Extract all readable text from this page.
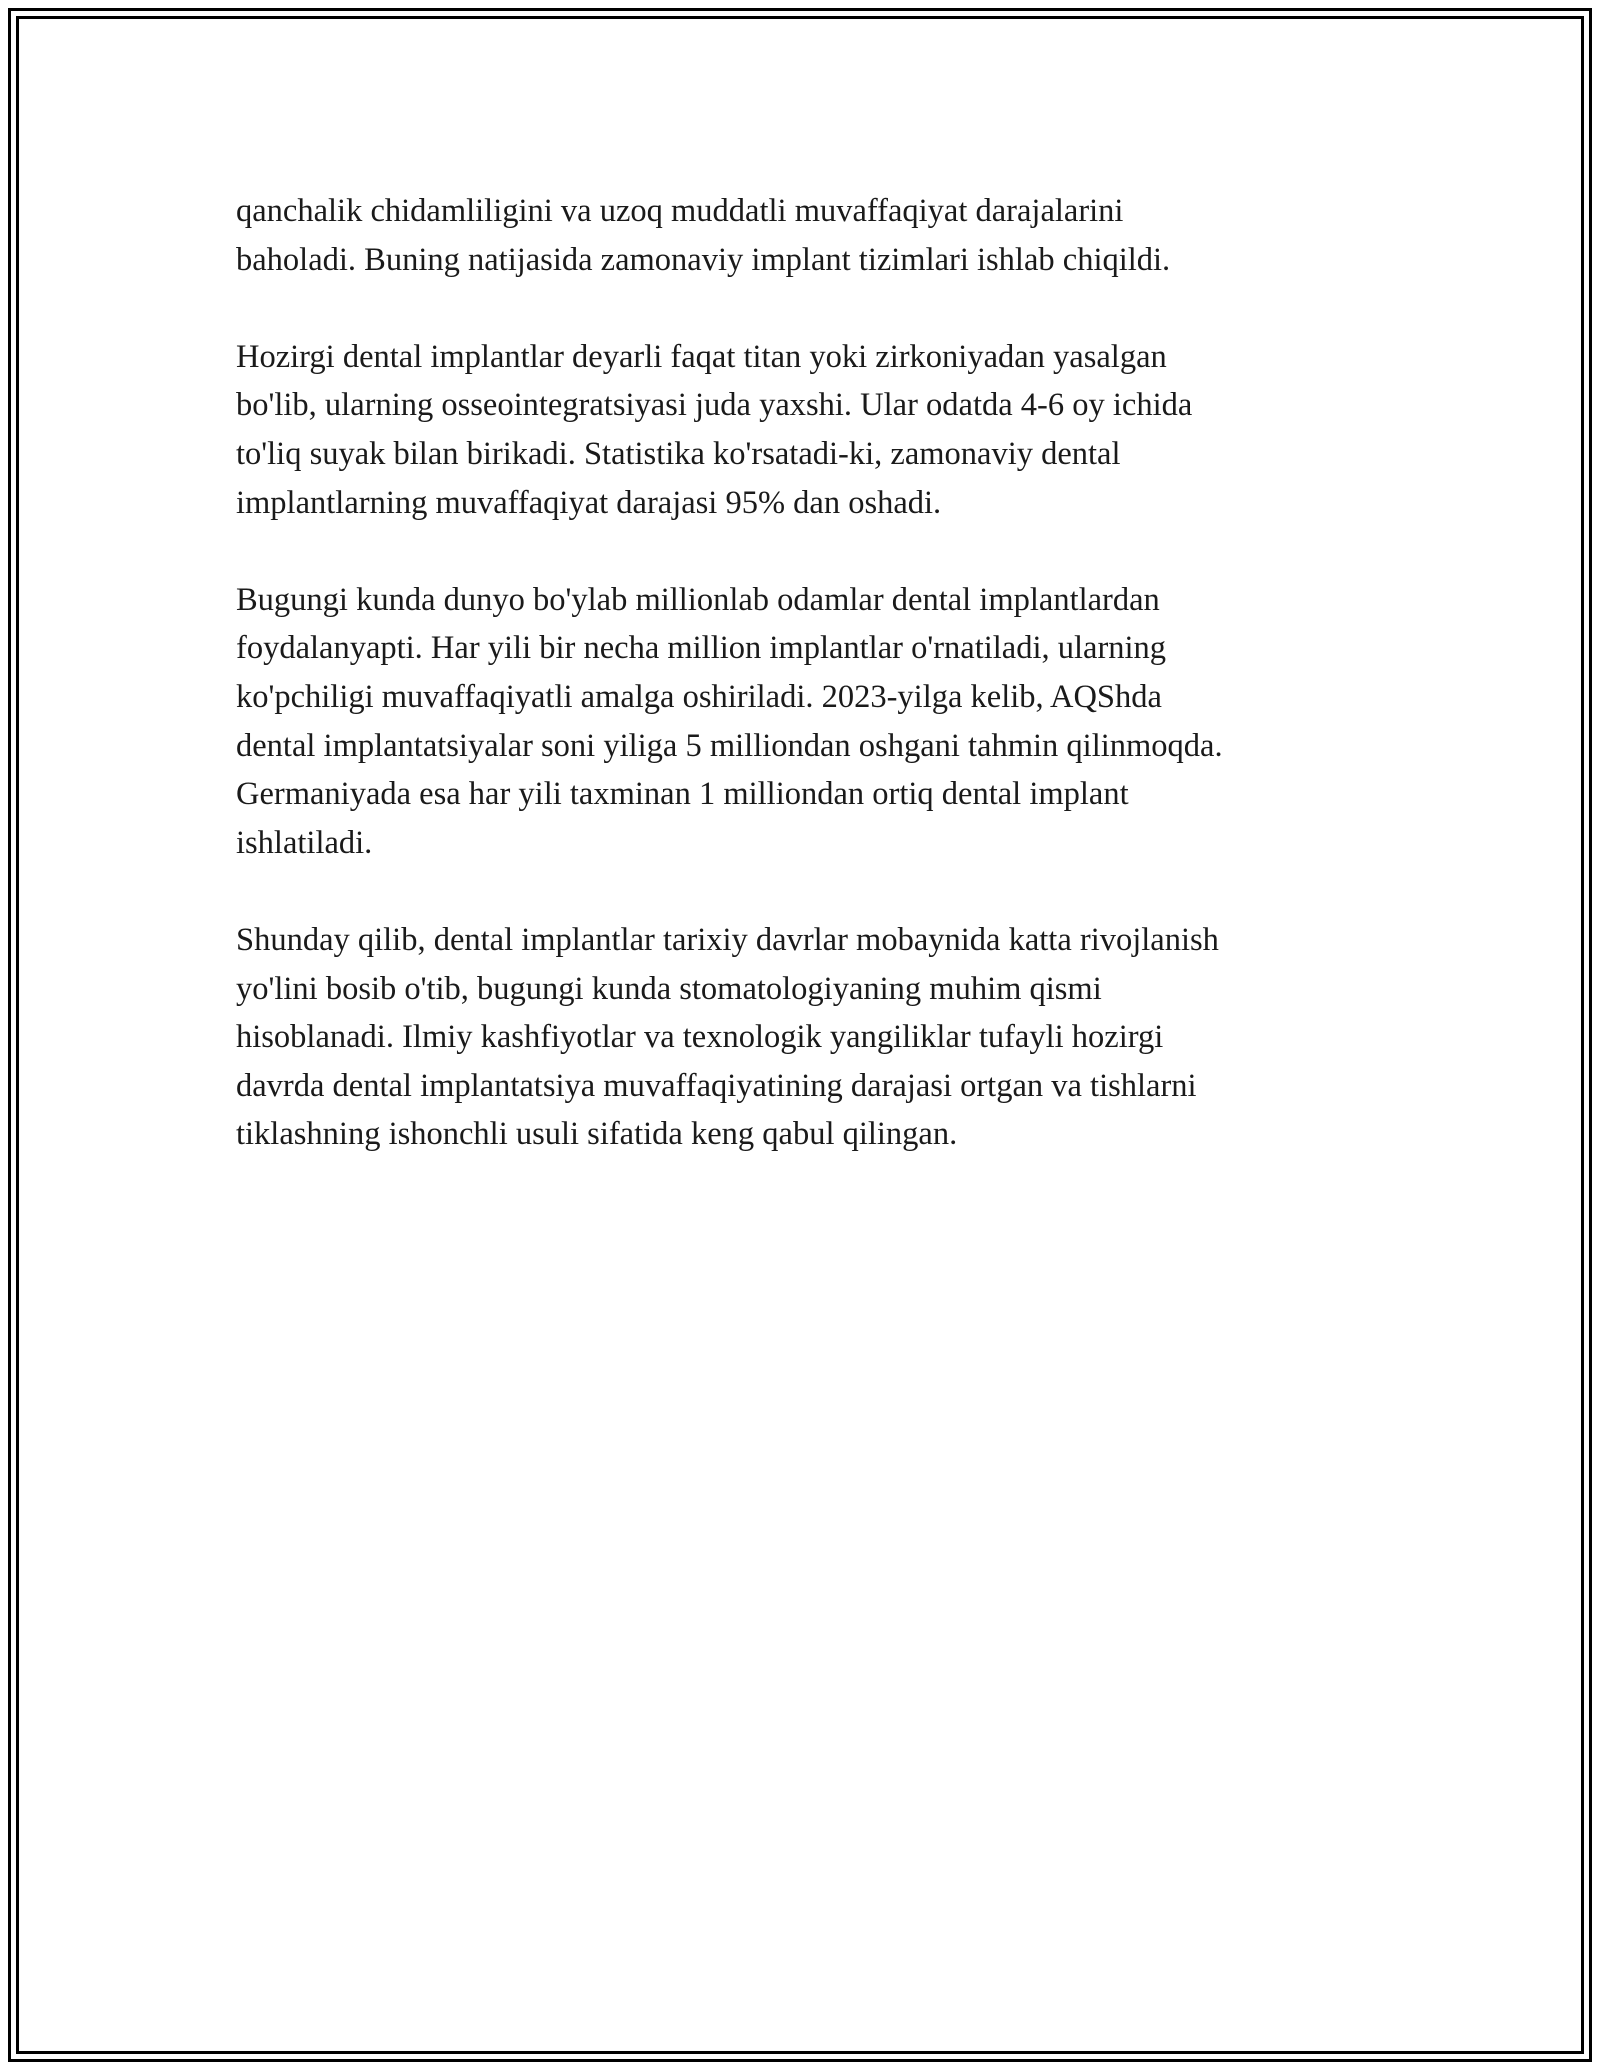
qanchalik chidamliligini va uzoq muddatli muvaffaqiyat darajalarini
baholadi. Buning natijasida zamonaviy implant tizimlari ishlab chiqildi.

Hozirgi dental implantlar deyarli faqat titan yoki zirkoniyadan yasalgan
bo'lib, ularning osseointegratsiyasi juda yaxshi. Ular odatda 4-6 oy ichida
to'liq suyak bilan birikadi. Statistika ko'rsatadi-ki, zamonaviy dental
implantlarning muvaffaqiyat darajasi 95% dan oshadi.

Bugungi kunda dunyo bo'ylab millionlab odamlar dental implantlardan
foydalanyapti. Har yili bir necha million implantlar o'rnatiladi, ularning
ko'pchiligi muvaffaqiyatli amalga oshiriladi. 2023-yilga kelib, AQShda
dental implantatsiyalar soni yiliga 5 milliondan oshgani tahmin qilinmoqda.
Germaniyada esa har yili taxminan 1 milliondan ortiq dental implant
ishlatiladi.

Shunday qilib, dental implantlar tarixiy davrlar mobaynida katta rivojlanish
yo'lini bosib o'tib, bugungi kunda stomatologiyaning muhim qismi
hisoblanadi. Ilmiy kashfiyotlar va texnologik yangiliklar tufayli hozirgi
davrda dental implantatsiya muvaffaqiyatining darajasi ortgan va tishlarni
tiklashning ishonchli usuli sifatida keng qabul qilingan.
